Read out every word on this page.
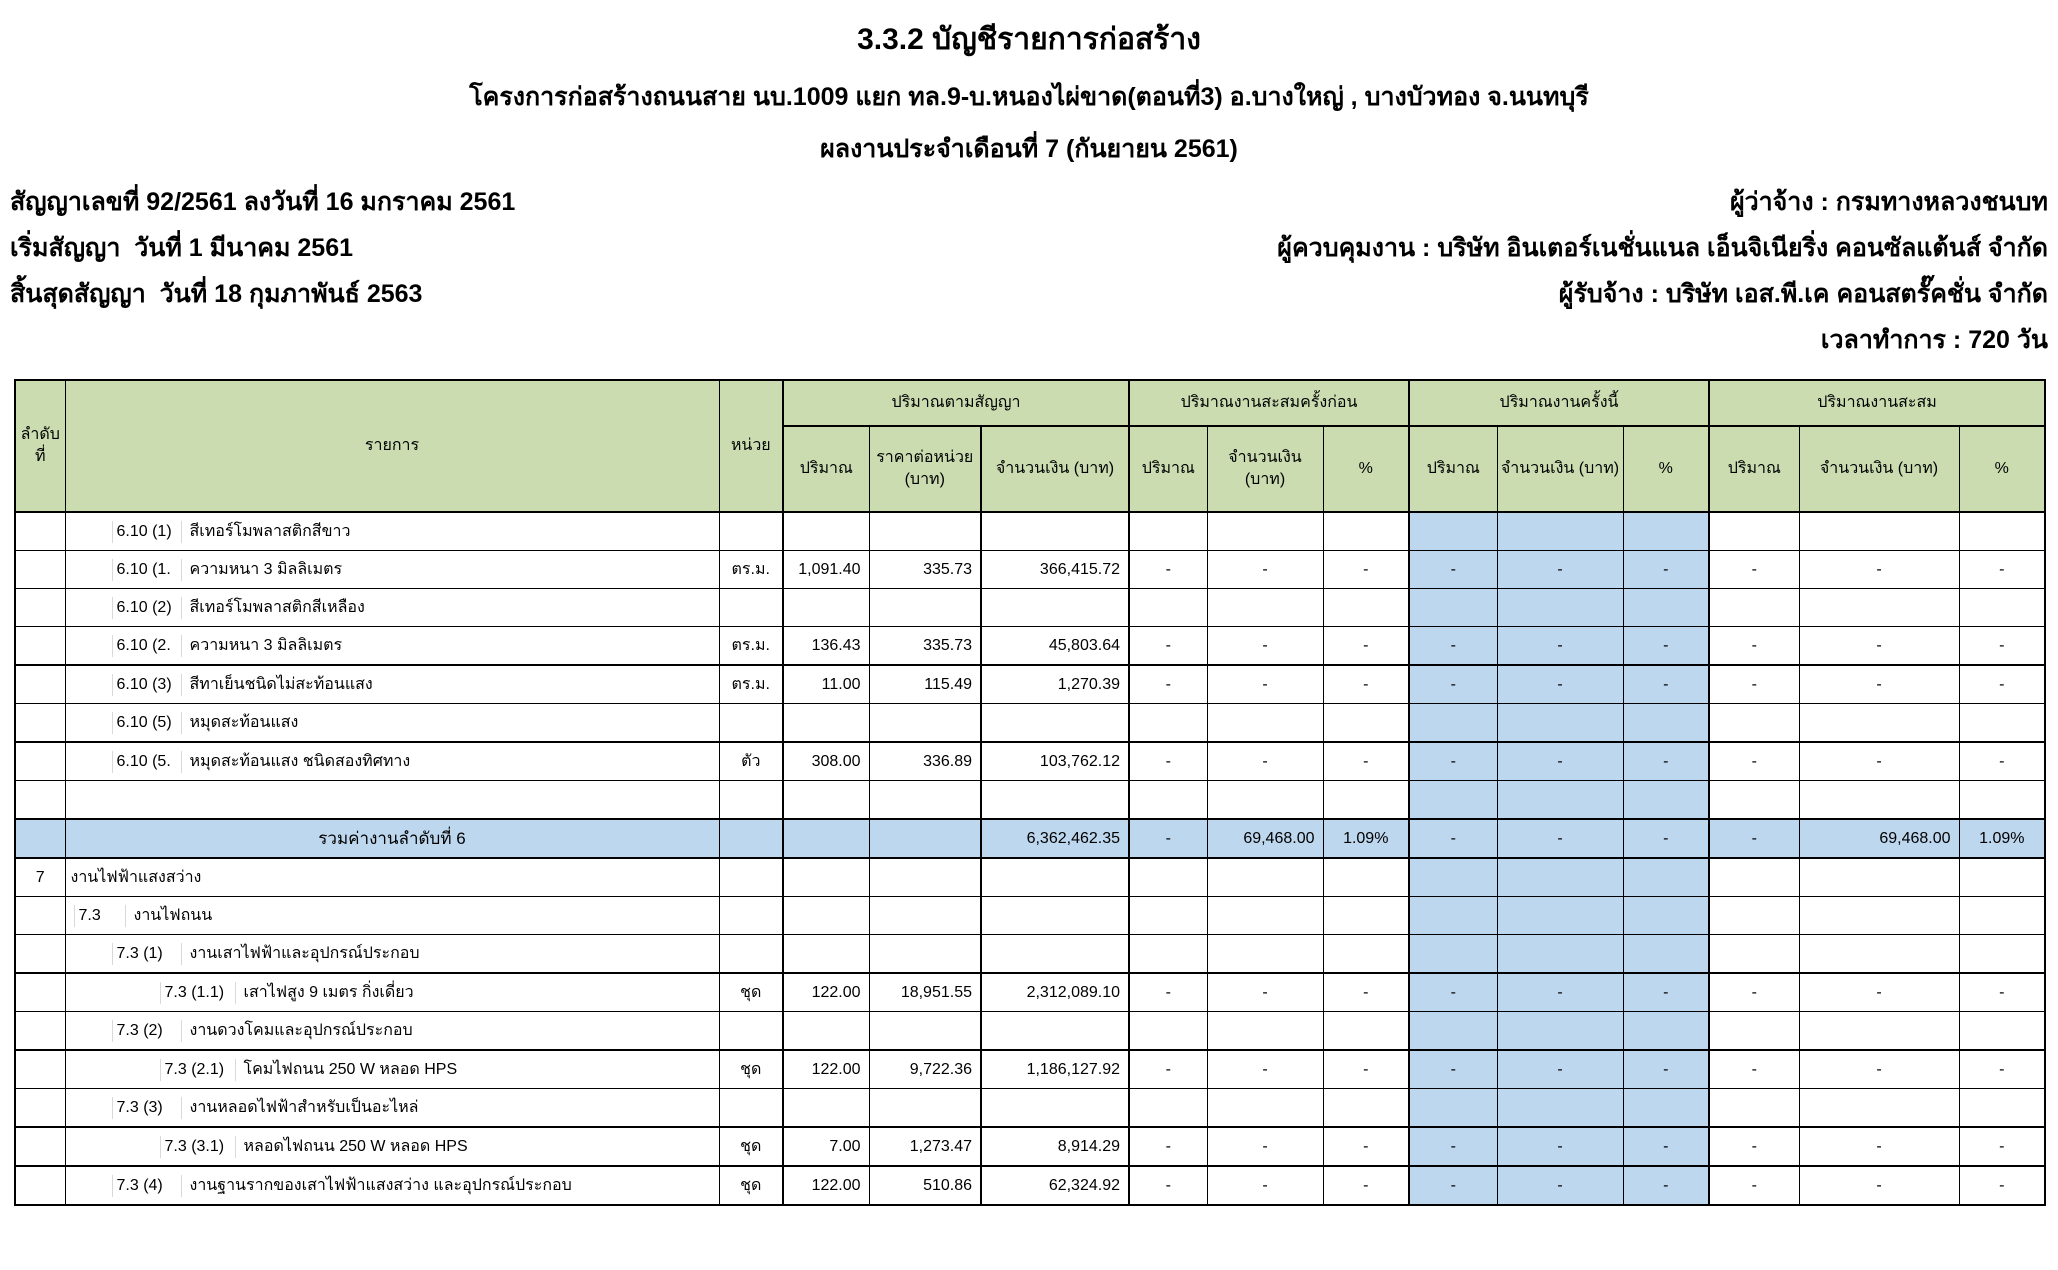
3.3.2 บัญชีรายการก่อสร้าง
โครงการก่อสร้างถนนสาย นบ.1009 แยก ทล.9-บ.หนองไผ่ขาด(ตอนที่3) อ.บางใหญ่ , บางบัวทอง จ.นนทบุรี
ผลงานประจำเดือนที่ 7 (กันยายน 2561)
สัญญาเลขที่ 92/2561 ลงวันที่ 16 มกราคม 2561
เริ่มสัญญา  วันที่ 1 มีนาคม 2561
สิ้นสุดสัญญา  วันที่ 18 กุมภาพันธ์ 2563
ผู้ว่าจ้าง : กรมทางหลวงชนบท
ผู้ควบคุมงาน : บริษัท อินเตอร์เนชั่นแนล เอ็นจิเนียริ่ง คอนซัลแต้นส์ จำกัด
ผู้รับจ้าง : บริษัท เอส.พี.เค คอนสตรั๊คชั่น จำกัด
เวลาทำการ : 720 วัน
ลำดับที่	รายการ	หน่วย	ปริมาณตามสัญญา			ปริมาณงานสะสมครั้งก่อน			ปริมาณงานครั้งนี้			ปริมาณงานสะสม		
			ปริมาณ	ราคาต่อหน่วย (บาท)	จำนวนเงิน (บาท)	ปริมาณ	จำนวนเงิน (บาท)	%	ปริมาณ	จำนวนเงิน (บาท)	%	ปริมาณ	จำนวนเงิน (บาท)	%
	6.10 (1) สีเทอร์โมพลาสติกสีขาว													
	6.10 (1. ความหนา 3 มิลลิเมตร	ตร.ม.	1,091.40	335.73	366,415.72	-	-	-	-	-	-	-	-	-
	6.10 (2) สีเทอร์โมพลาสติกสีเหลือง													
	6.10 (2. ความหนา 3 มิลลิเมตร	ตร.ม.	136.43	335.73	45,803.64	-	-	-	-	-	-	-	-	-
	6.10 (3) สีทาเย็นชนิดไม่สะท้อนแสง	ตร.ม.	11.00	115.49	1,270.39	-	-	-	-	-	-	-	-	-
	6.10 (5) หมุดสะท้อนแสง													
	6.10 (5. หมุดสะท้อนแสง ชนิดสองทิศทาง	ตัว	308.00	336.89	103,762.12	-	-	-	-	-	-	-	-	-

	รวมค่างานลำดับที่ 6				6,362,462.35	-	69,468.00	1.09%	-	-	-	-	69,468.00	1.09%
7	งานไฟฟ้าแสงสว่าง													
	7.3 งานไฟถนน													
	7.3 (1) งานเสาไฟฟ้าและอุปกรณ์ประกอบ													
	7.3 (1.1) เสาไฟสูง 9 เมตร กิ่งเดี่ยว	ชุด	122.00	18,951.55	2,312,089.10	-	-	-	-	-	-	-	-	-
	7.3 (2) งานดวงโคมและอุปกรณ์ประกอบ													
	7.3 (2.1) โคมไฟถนน 250 W หลอด HPS	ชุด	122.00	9,722.36	1,186,127.92	-	-	-	-	-	-	-	-	-
	7.3 (3) งานหลอดไฟฟ้าสำหรับเป็นอะไหล่													
	7.3 (3.1) หลอดไฟถนน 250 W หลอด HPS	ชุด	7.00	1,273.47	8,914.29	-	-	-	-	-	-	-	-	-
	7.3 (4) งานฐานรากของเสาไฟฟ้าแสงสว่าง และอุปกรณ์ประกอบ	ชุด	122.00	510.86	62,324.92	-	-	-	-	-	-	-	-	-
